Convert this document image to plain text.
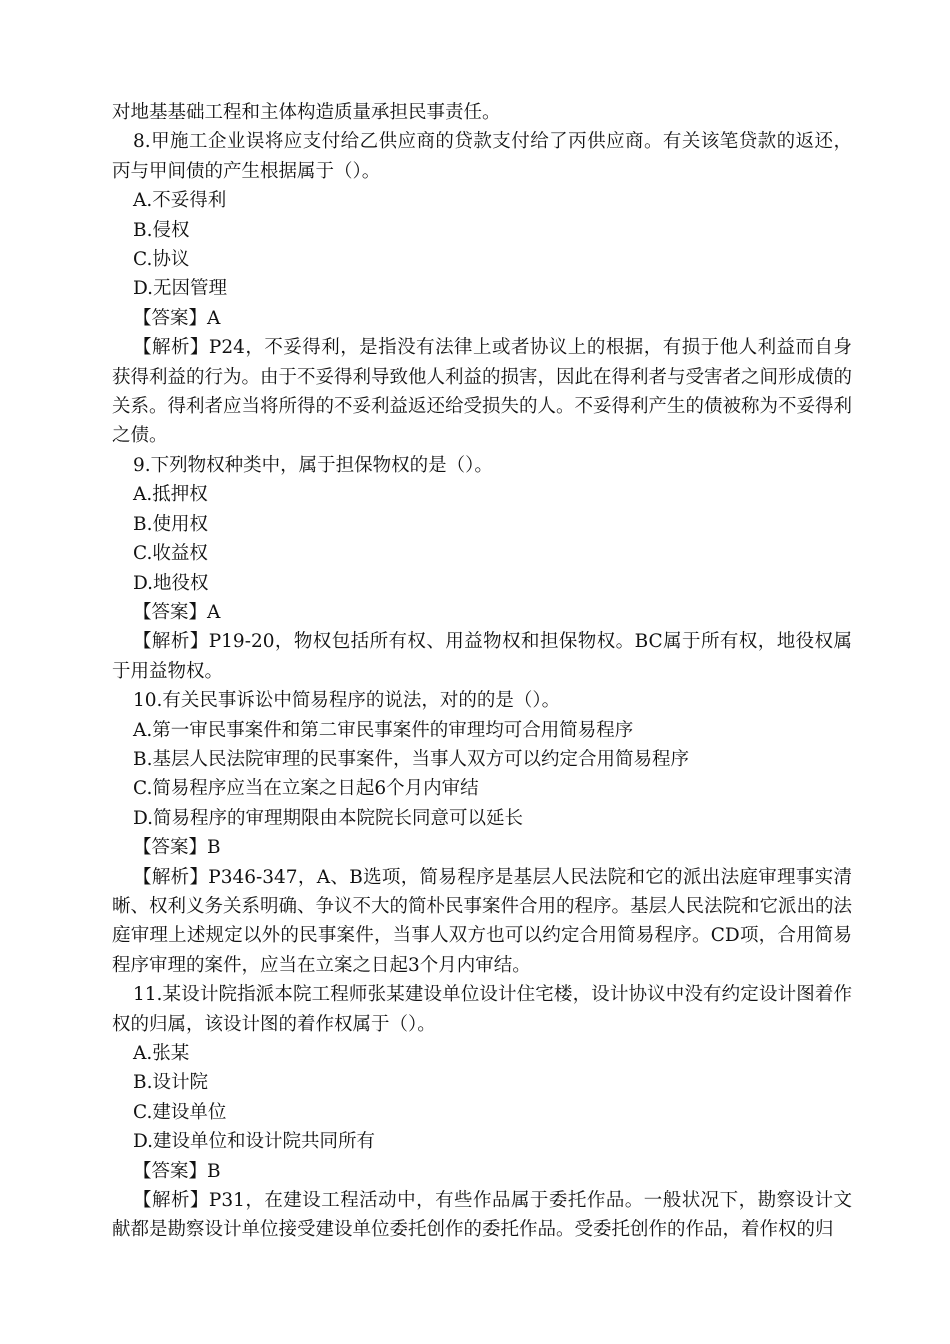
对地基基础工程和主体构造质量承担民事责任。

8.甲施工企业误将应支付给乙供应商的贷款支付给了丙供应商。有关该笔贷款的返还，丙与甲间债的产生根据属于（）。

A.不妥得利

B.侵权

C.协议

D.无因管理

【答案】A

【解析】P24，不妥得利，是指没有法律上或者协议上的根据，有损于他人利益而自身获得利益的行为。由于不妥得利导致他人利益的损害，因此在得利者与受害者之间形成债的关系。得利者应当将所得的不妥利益返还给受损失的人。不妥得利产生的债被称为不妥得利之债。

9.下列物权种类中，属于担保物权的是（）。

A.抵押权

B.使用权

C.收益权

D.地役权

【答案】A

【解析】P19-20，物权包括所有权、用益物权和担保物权。BC属于所有权，地役权属于用益物权。

10.有关民事诉讼中简易程序的说法，对的的是（）。

A.第一审民事案件和第二审民事案件的审理均可合用简易程序

B.基层人民法院审理的民事案件，当事人双方可以约定合用简易程序

C.简易程序应当在立案之日起6个月内审结

D.简易程序的审理期限由本院院长同意可以延长

【答案】B

【解析】P346-347，A、B选项，简易程序是基层人民法院和它的派出法庭审理事实清晰、权利义务关系明确、争议不大的简朴民事案件合用的程序。基层人民法院和它派出的法庭审理上述规定以外的民事案件，当事人双方也可以约定合用简易程序。CD项，合用简易程序审理的案件，应当在立案之日起3个月内审结。

11.某设计院指派本院工程师张某建设单位设计住宅楼，设计协议中没有约定设计图着作权的归属，该设计图的着作权属于（）。

A.张某

B.设计院

C.建设单位

D.建设单位和设计院共同所有

【答案】B

【解析】P31，在建设工程活动中，有些作品属于委托作品。一般状况下，勘察设计文献都是勘察设计单位接受建设单位委托创作的委托作品。受委托创作的作品，着作权的归
